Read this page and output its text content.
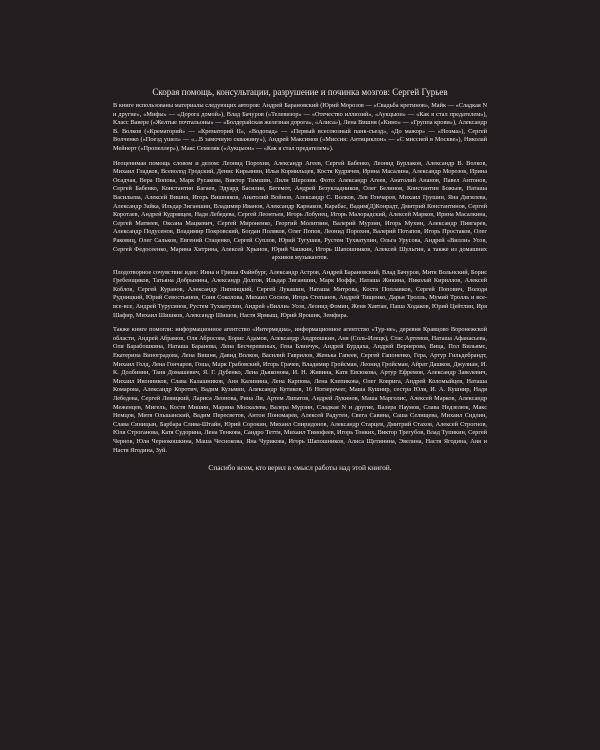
Скорая помощь, консультации, разрушение и починка мозгов: Сергей Гурьев

В книге использованы материалы следующих авторов: Андрей Барановский (Юрий Морозов — «Свадьба кретинов», Майк — «Сладкая N и другие», «Мифы» — «Дорога домой»), Влад Бачуров («Телевизор» — «Отечество иллюзий», «Аукцыон» — «Как я стал предателем»), Класс Вавере («Желтые почтальоны» — «Болдерайская железная дорога», «Алиса»), Лена Вишня («Кино» — «Группа крови»), Александр В. Волков («Крематорий» — «Крематорий II», «Водопад» — «Первый всесоюзный панк-съезд», «До мажор» — «Ноэма»), Сергей Волченко («Поезд ушел» — «...В замочную скважину»), Андрей Максимов («Миссия: Антициклон» — «С миссией в Москве»), Николай Мейнерт («Пропеллер»), Макс Семеляк («Аукцыон» — «Как я стал предателем»).

Неоценимая помощь словом и делом: Леонид Порохня, Александр Агеев, Сергей Бабенко, Леонид Бурлаков, Александр В. Волков, Михаил Гладков, Всеволод Гродский, Денис Кирьянин, Илья Кормильцев, Костя Кудрячев, Ирина Масалина, Александр Морозов, Ирина Осадчая, Вера Попова, Марк Русакова, Виктор Тимшин, Лили Шерозия. Фото: Александр Агеев, Анатолий Ананов, Павел Антонов, Сергей Бабенко, Константин Багаев, Эдуард Басилия, Бегемот, Андрей Безукладников, Олег Белинов, Константин Божьев, Наташа Васильева, Алексей Вишня, Игорь Вишняков, Анатолий Войнов, Александр С. Волков, Лев Гончаров, Михаил Грушин, Яна Дягилева, Александр Зайка, Ильдар Зиганшин, Владимир Иванов, Александр Карнаков, Карабас, Вадим(Д)Конрадт, Дмитрий Константинов, Сергей Коротаев, Андрей Кудрявцев, Надя Лебедева, Сергей Леонтьев, Игорь Лобунец, Игорь Малорадский, Алексей Марков, Ирина Масалкина, Сергей Матвеев, Оксана Мацкевич, Сергей Мироненко, Георгий Молитвин, Валерий Мурзин, Игорь Мухин, Александр Пивгарев, Александр Подусенов, Владимир Покровский, Богдан Поляков, Олег Попов, Леонид Порохня, Валерий Потапов, Игорь Простаков, Олег Раковиц, Олег Сальков, Евгений Стаценко, Сергей Суплов, Юрий Тугушев, Рустем Тухватулин, Ольга Урусова, Андрей «Вилли» Усов, Сергей Федосеенко, Марина Хитрина, Алексей Хрынов, Юрий Чашкин, Игорь Шапошников, Алексей Шульгин, а также из домашних архивов музыкантов.

Плодотворное сочувствие идее: Инна и Гриша Файнбург, Александр Астров, Андрей Барановский, Влад Бачуров, Митя Вольнский, Борис Гребенщиков, Татьяна Добрынина, Александр Долгов, Ильдар Зиганшин, Марк Иоффе, Наташа Жикина, Николай Кириллов, Алексей Коблов, Сергей Куранов, Александр Липницкий, Сергей Лукашин, Наташа Митрова, Костя Поплавков, Сергей Попович, Володя Рудницкий, Юрий Севостьянов, Соня Соколова, Михаил Соснов, Игорь Степанов, Андрей Тищенко, Дарья Тролль, Мумий Тролль и все-все-все, Андрей Турусинов, Рустем Тухватулин, Андрей «Вилли» Усов, Леонид Фомин, Женя Хавтан, Паша Ходаков, Юрий Цейтлин, Иря Шафир, Михаил Шишков, Александр Шишов, Настя Ярмыш, Юрий Ярошик, Земфира.

Также книге помогли: информационное агентство «Интермедиа», информационное агентство «Тур-не», деревня Кравцово Воронежской области, Андрей Абрамов, Оля Абросова, Борис Адамов, Александр Андрюшкин, Аня (Соль-Илецк), Стас Артемов, Наташа Афанасьева, Оля Барабошкина, Наташа Баранова, Лена Бесчеревиных, Гена Блинчук, Андрей Бурдаха, Андрей Вернерова, Вица, Пол Вильямс, Екатерина Виноградова, Лена Вишня, Давид Волков, Василий Гаврилов, Женька Гапеев, Сергей Гапоненко, Гера, Артур Гильдебрандт, Михаил Голд, Лена Гончаров, Гоша, Марк Грабовский, Игорь Грачев, Владимир Гройсман, Леонид Гройсман, Айрат Дашков, Джулиан, И. К. Долбинин, Таня Домашевич, Я. Г. Дубенко, Лена Дьяконова, И. Н. Живина, Катя Евсюкова, Артур Ефремов, Александр Завелевич, Михаил Иконников, Слава Калашников, Аня Калинина, Лена Карпова, Лена Клепикова, Олег Коврига, Андрей Коломыйцев, Наташа Комарова, Александр Коротич, Вадим Кузьмин, Александр Кутиков, 16 Horsepower, Маша Кушнир, сестра Юля, И. А. Кушнир, Надя Лебедева, Сергей Левицкий, Лариса Леонова, Рина Ли, Артем Липатов, Андрей Лукинов, Маша Марголис, Алексей Марков, Александр Меженцев, Мигель, Костя Мишин, Марина Москалева, Валера Мурзин, Сладкая N и другие, Валера Наумов, Слава Недзелюк, Макс Немцов, Митя Ольшанский, Вадим Пересветов, Антон Пономарев, Алексей Радутен, Света Савина, Саша Селищева, Михаил Сидлин, Слава Синицын, Барбара Слива-Штайн, Юрий Сорокин, Михаил Спиридонов, Александр Старцев, Дмитрий Стахов, Алексей Строгнов, Юля Строганова, Катя Судорина, Лена Тенкова, Сандро Тетти, Михаил Тимофеев, Игорь Тонких, Виктор Трегубов, Влад Тупикин, Сергей Чернов, Юля Чернокошкина, Маша Чеснокова, Яна Чурикова, Игорь Шапошников, Алиса Щетинина, Эвелина, Настя Ягодина, Аня и Настя Ягодина, Зуй.

Спасибо всем, кто верил в смысл работы над этой книгой.
